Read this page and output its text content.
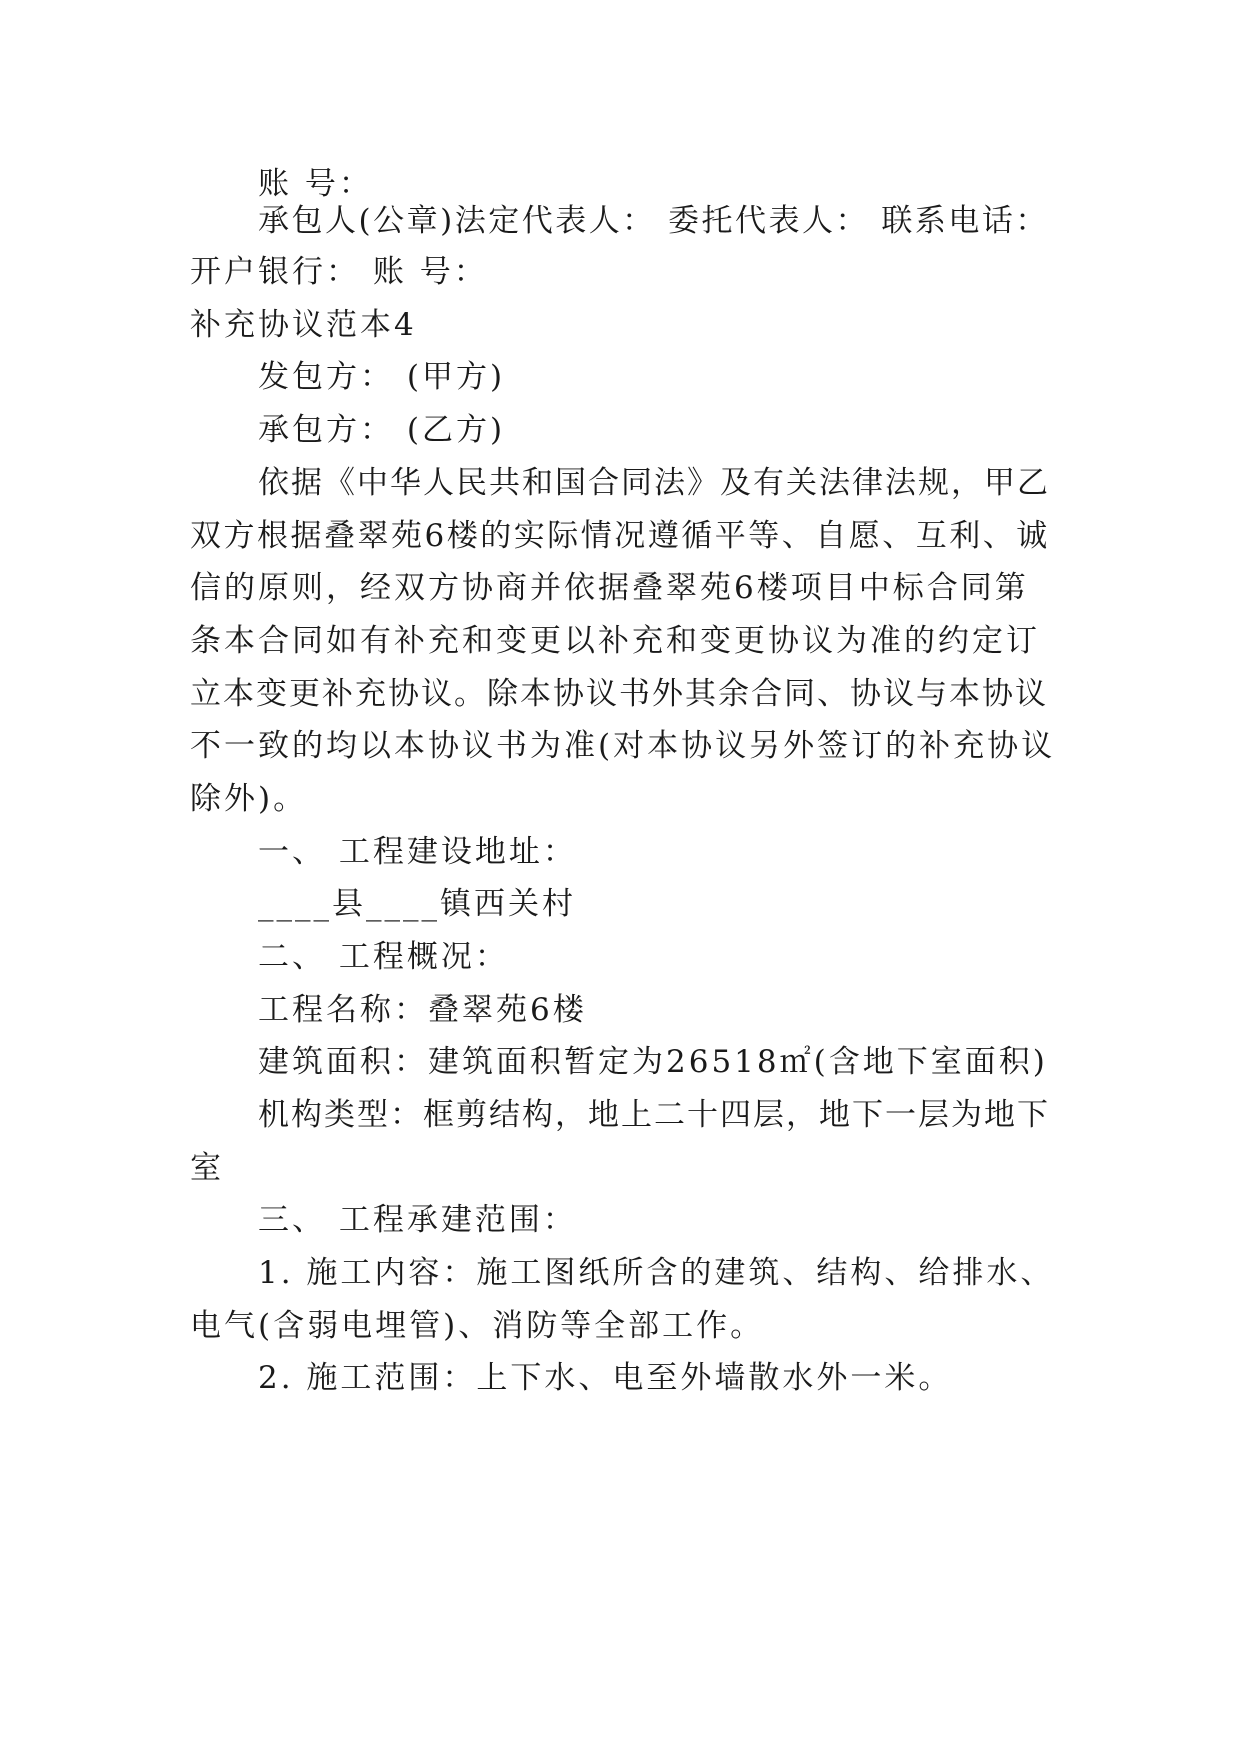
账 号：

承包人(公章)法定代表人： 委托代表人： 联系电话：

开户银行： 账 号：

补充协议范本4

发包方： (甲方)

承包方： (乙方)

依据《中华人民共和国合同法》及有关法律法规，甲乙

双方根据叠翠苑6楼的实际情况遵循平等、自愿、互利、诚

信的原则，经双方协商并依据叠翠苑6楼项目中标合同第

条本合同如有补充和变更以补充和变更协议为准的约定订

立本变更补充协议。除本协议书外其余合同、协议与本协议

不一致的均以本协议书为准(对本协议另外签订的补充协议

除外)。

一、 工程建设地址：

____县____镇西关村

二、 工程概况：

工程名称：叠翠苑6楼

建筑面积：建筑面积暂定为26518㎡(含地下室面积)

机构类型：框剪结构，地上二十四层，地下一层为地下

室

三、 工程承建范围：

1. 施工内容：施工图纸所含的建筑、结构、给排水、

电气(含弱电埋管)、消防等全部工作。

2. 施工范围：上下水、电至外墙散水外一米。
